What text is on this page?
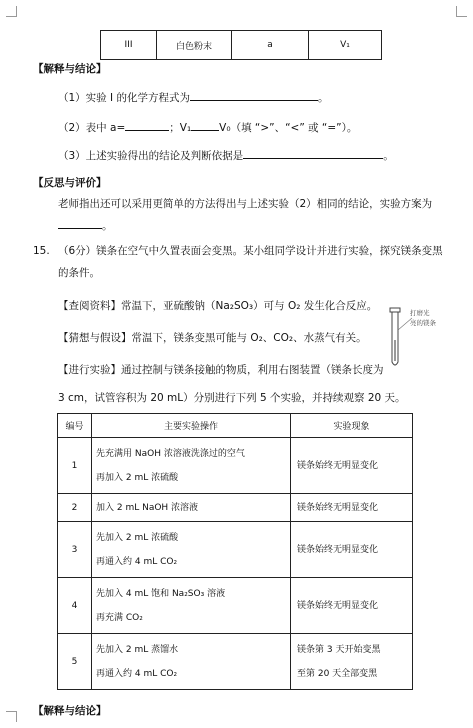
III	白色粉末	a	V₁
【解释与结论】
（1）实验 I 的化学方程式为	。
（2）表中 a=	；V₁	V₀（填 “>”、“<” 或 “=”）。
（3）上述实验得出的结论及判断依据是	。
【反思与评价】
老师指出还可以采用更简单的方法得出与上述实验（2）相同的结论，实验方案为。
15. （6分）镁条在空气中久置表面会变黑。某小组同学设计并进行实验，探究镁条变黑的条件。
【查阅资料】常温下，亚硫酸钠（Na₂SO₃）可与 O₂ 发生化合反应。
【猜想与假设】常温下，镁条变黑可能与 O₂、CO₂、水蒸气有关。
【进行实验】通过控制与镁条接触的物质，利用右图装置（镁条长度为
3 cm，试管容积为 20 mL）分别进行下列 5 个实验，并持续观察 20 天。
打磨光
亮的镁条
编号	主要实验操作	实验现象
1	先充满用 NaOH 浓溶液洗涤过的空气
再加入 2 mL 浓硫酸	镁条始终无明显变化

2	加入 2 mL NaOH 浓溶液	镁条始终无明显变化

3	先加入 2 mL 浓硫酸
再通入约 4 mL CO₂	镁条始终无明显变化

4	先加入 4 mL 饱和 Na₂SO₃ 溶液
再充满 CO₂	镁条始终无明显变化

5	先加入 2 mL 蒸馏水
再通入约 4 mL CO₂	镁条第 3 天开始变黑
至第 20 天全部变黑
【解释与结论】
